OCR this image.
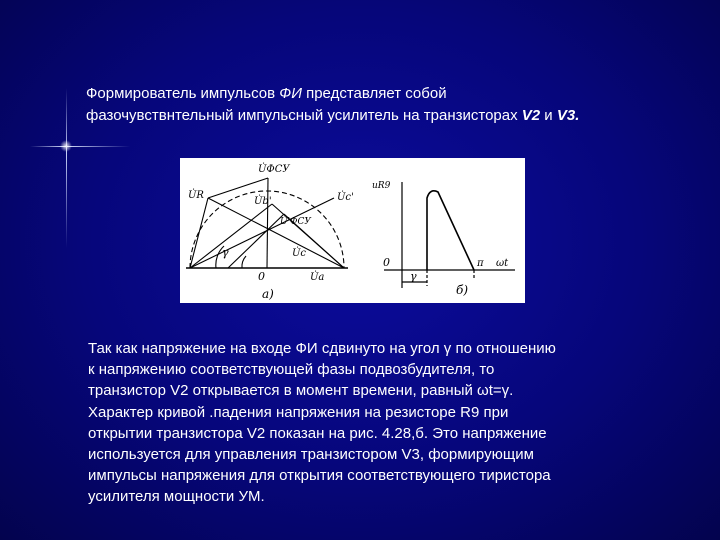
Формирователь импульсов ФИ представляет собой
фазочувствнтельный импульсный усилитель на транзисторах V2 и V3.
U̇ФСУ
U̇R
U̇b'	U̇c'
U̇'ФСУ
γ	U̇c
0	U̇a
а)
uR9
0
γ
π ωt
б)

Так как напряжение на входе ФИ сдвинуто на угол γ по отношению

к напряжению соответствующей фазы подвозбудителя, то

транзистор V2 открывается в момент времени, равный ωt=γ.

Характер кривой .падения напряжения на резисторе R9 при

открытии транзистора V2 показан на рис. 4.28,б. Это напряжение

используется для управления транзистором V3, формирующим

импульсы напряжения для открытия соответствующего тиристора

усилителя мощности УМ.
